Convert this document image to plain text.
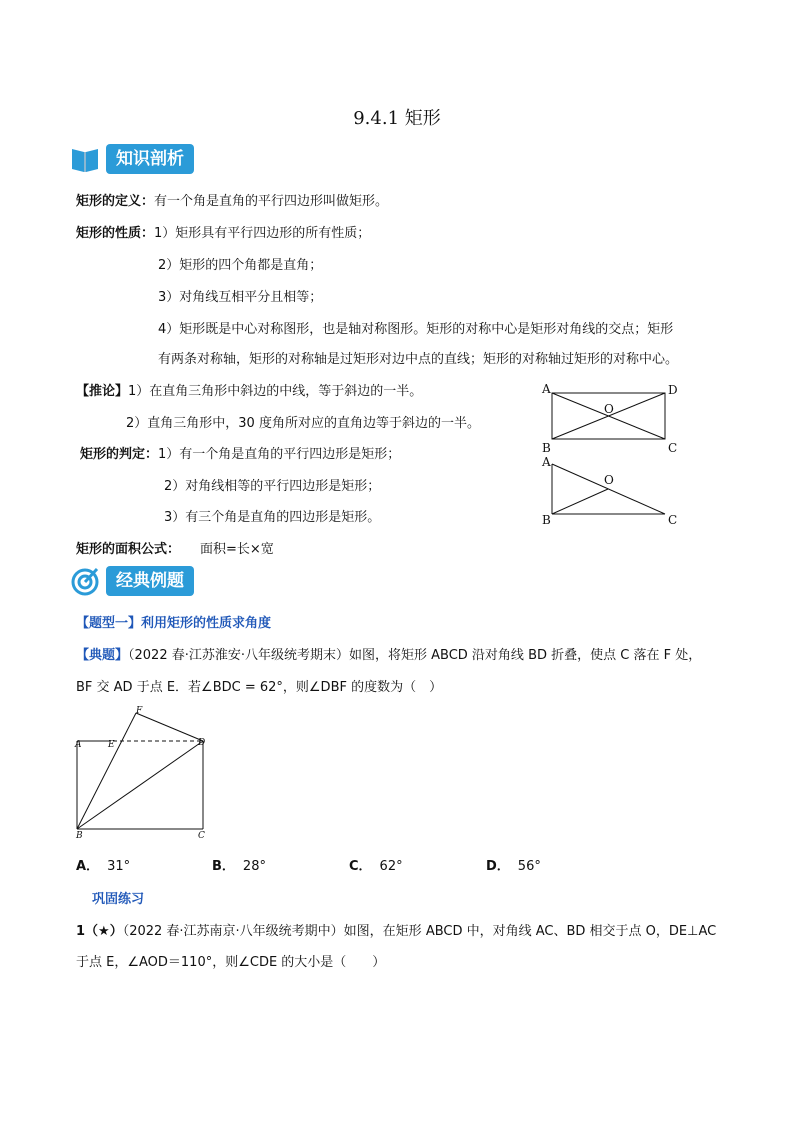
9.4.1 矩形
知识剖析
矩形的定义：有一个角是直角的平行四边形叫做矩形。
矩形的性质：1）矩形具有平行四边形的所有性质；
2）矩形的四个角都是直角；
3）对角线互相平分且相等；
4）矩形既是中心对称图形，也是轴对称图形。矩形的对称中心是矩形对角线的交点；矩形
有两条对称轴，矩形的对称轴是过矩形对边中点的直线；矩形的对称轴过矩形的对称中心。
【推论】1）在直角三角形中斜边的中线，等于斜边的一半。
2）直角三角形中，30 度角所对应的直角边等于斜边的一半。
矩形的判定：1）有一个角是直角的平行四边形是矩形；
2）对角线相等的平行四边形是矩形；
3）有三个角是直角的四边形是矩形。
矩形的面积公式： 面积=长×宽
A	D
O
B	C
A
O
B	C
经典例题
【题型一】利用矩形的性质求角度
【典题】（2022 春·江苏淮安·八年级统考期末）如图，将矩形 ABCD 沿对角线 BD 折叠，使点 C 落在 F 处，
BF 交 AD 于点 E．若∠BDC = 62°，则∠DBF 的度数为（　）
F
A	E	D
B	C
A． 31°	B． 28°	C． 62°	D． 56°
巩固练习
1（★）（2022 春·江苏南京·八年级统考期中）如图，在矩形 ABCD 中，对角线 AC、BD 相交于点 O，DE⊥AC
于点 E，∠AOD＝110°，则∠CDE 的大小是（　　）
